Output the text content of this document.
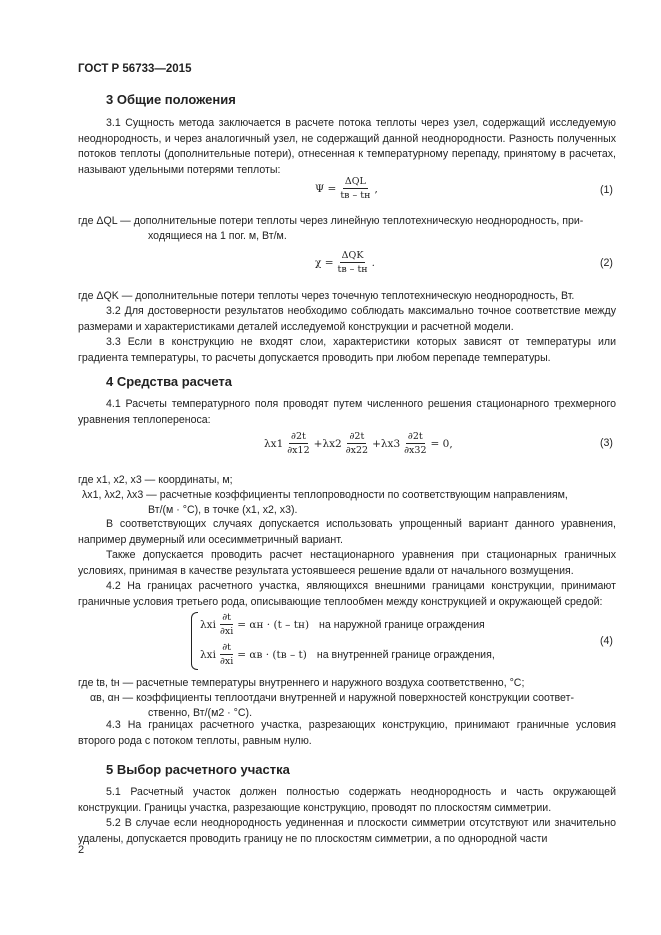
ГОСТ Р 56733—2015
3 Общие положения

3.1 Сущность метода заключается в расчете потока теплоты через узел, содержащий исследуемую неоднородность, и через аналогичный узел, не содержащий данной неоднородности. Разность полученных потоков теплоты (дополнительные потери), отнесенная к температурному перепаду, принятому в расчетах, называют удельными потерями теплоты:

$\Psi = \frac{\text{ΔQL}}{tв - tн}$ ,	(1)
где ΔQL — дополнительные потери теплоты через линейную теплотехническую неоднородность, при-
ходящиеся на 1 пог. м, Вт/м.
$\chi = \frac{\text{ΔQK}}{tв - tн}$ .	(2)
где ΔQK — дополнительные потери теплоты через точечную теплотехническую неоднородность, Вт.

3.2 Для достоверности результатов необходимо соблюдать максимально точное соответствие между размерами и характеристиками деталей исследуемой конструкции и расчетной модели.

3.3 Если в конструкцию не входят слои, характеристики которых зависят от температуры или градиента температуры, то расчеты допускается проводить при любом перепаде температуры.

4 Средства расчета

4.1 Расчеты температурного поля проводят путем численного решения стационарного трехмерного уравнения теплопереноса:

$\lambda x1 \frac{\partial 2t}{\partial x12} + \lambda x2 \frac{\partial 2t}{\partial x22} + \lambda x3 \frac{\partial 2t}{\partial x32} = 0$,	(3)
где x1, x2, x3 — координаты, м;
λx1, λx2, λx3 — расчетные коэффициенты теплопроводности по соответствующим направлениям,
Вт/(м · °С), в точке (x1, x2, x3).

В соответствующих случаях допускается использовать упрощенный вариант данного уравнения, например двумерный или осесимметричный вариант.

Также допускается проводить расчет нестационарного уравнения при стационарных граничных условиях, принимая в качестве результата устоявшееся решение вдали от начального возмущения.

4.2 На границах расчетного участка, являющихся внешними границами конструкции, принимают граничные условия третьего рода, описывающие теплообмен между конструкцией и окружающей средой:

λxi $\frac{\partial t}{\partial xi} = \alpha н \cdot (t - tн)$ на наружной границе ограждения
λxi $\frac{\partial t}{\partial xi} = \alpha в \cdot (tв - t)$ на внутренней границе ограждения,
(4)
где tв, tн — расчетные температуры внутреннего и наружного воздуха соответственно, °С;
αв, αн — коэффициенты теплоотдачи внутренней и наружной поверхностей конструкции соответ-
ственно, Вт/(м2 · °С).

4.3 На границах расчетного участка, разрезающих конструкцию, принимают граничные условия второго рода с потоком теплоты, равным нулю.

5 Выбор расчетного участка

5.1 Расчетный участок должен полностью содержать неоднородность и часть окружающей конструкции. Границы участка, разрезающие конструкцию, проводят по плоскостям симметрии.

5.2 В случае если неоднородность уединенная и плоскости симметрии отсутствуют или значительно удалены, допускается проводить границу не по плоскостям симметрии, а по однородной части

2
